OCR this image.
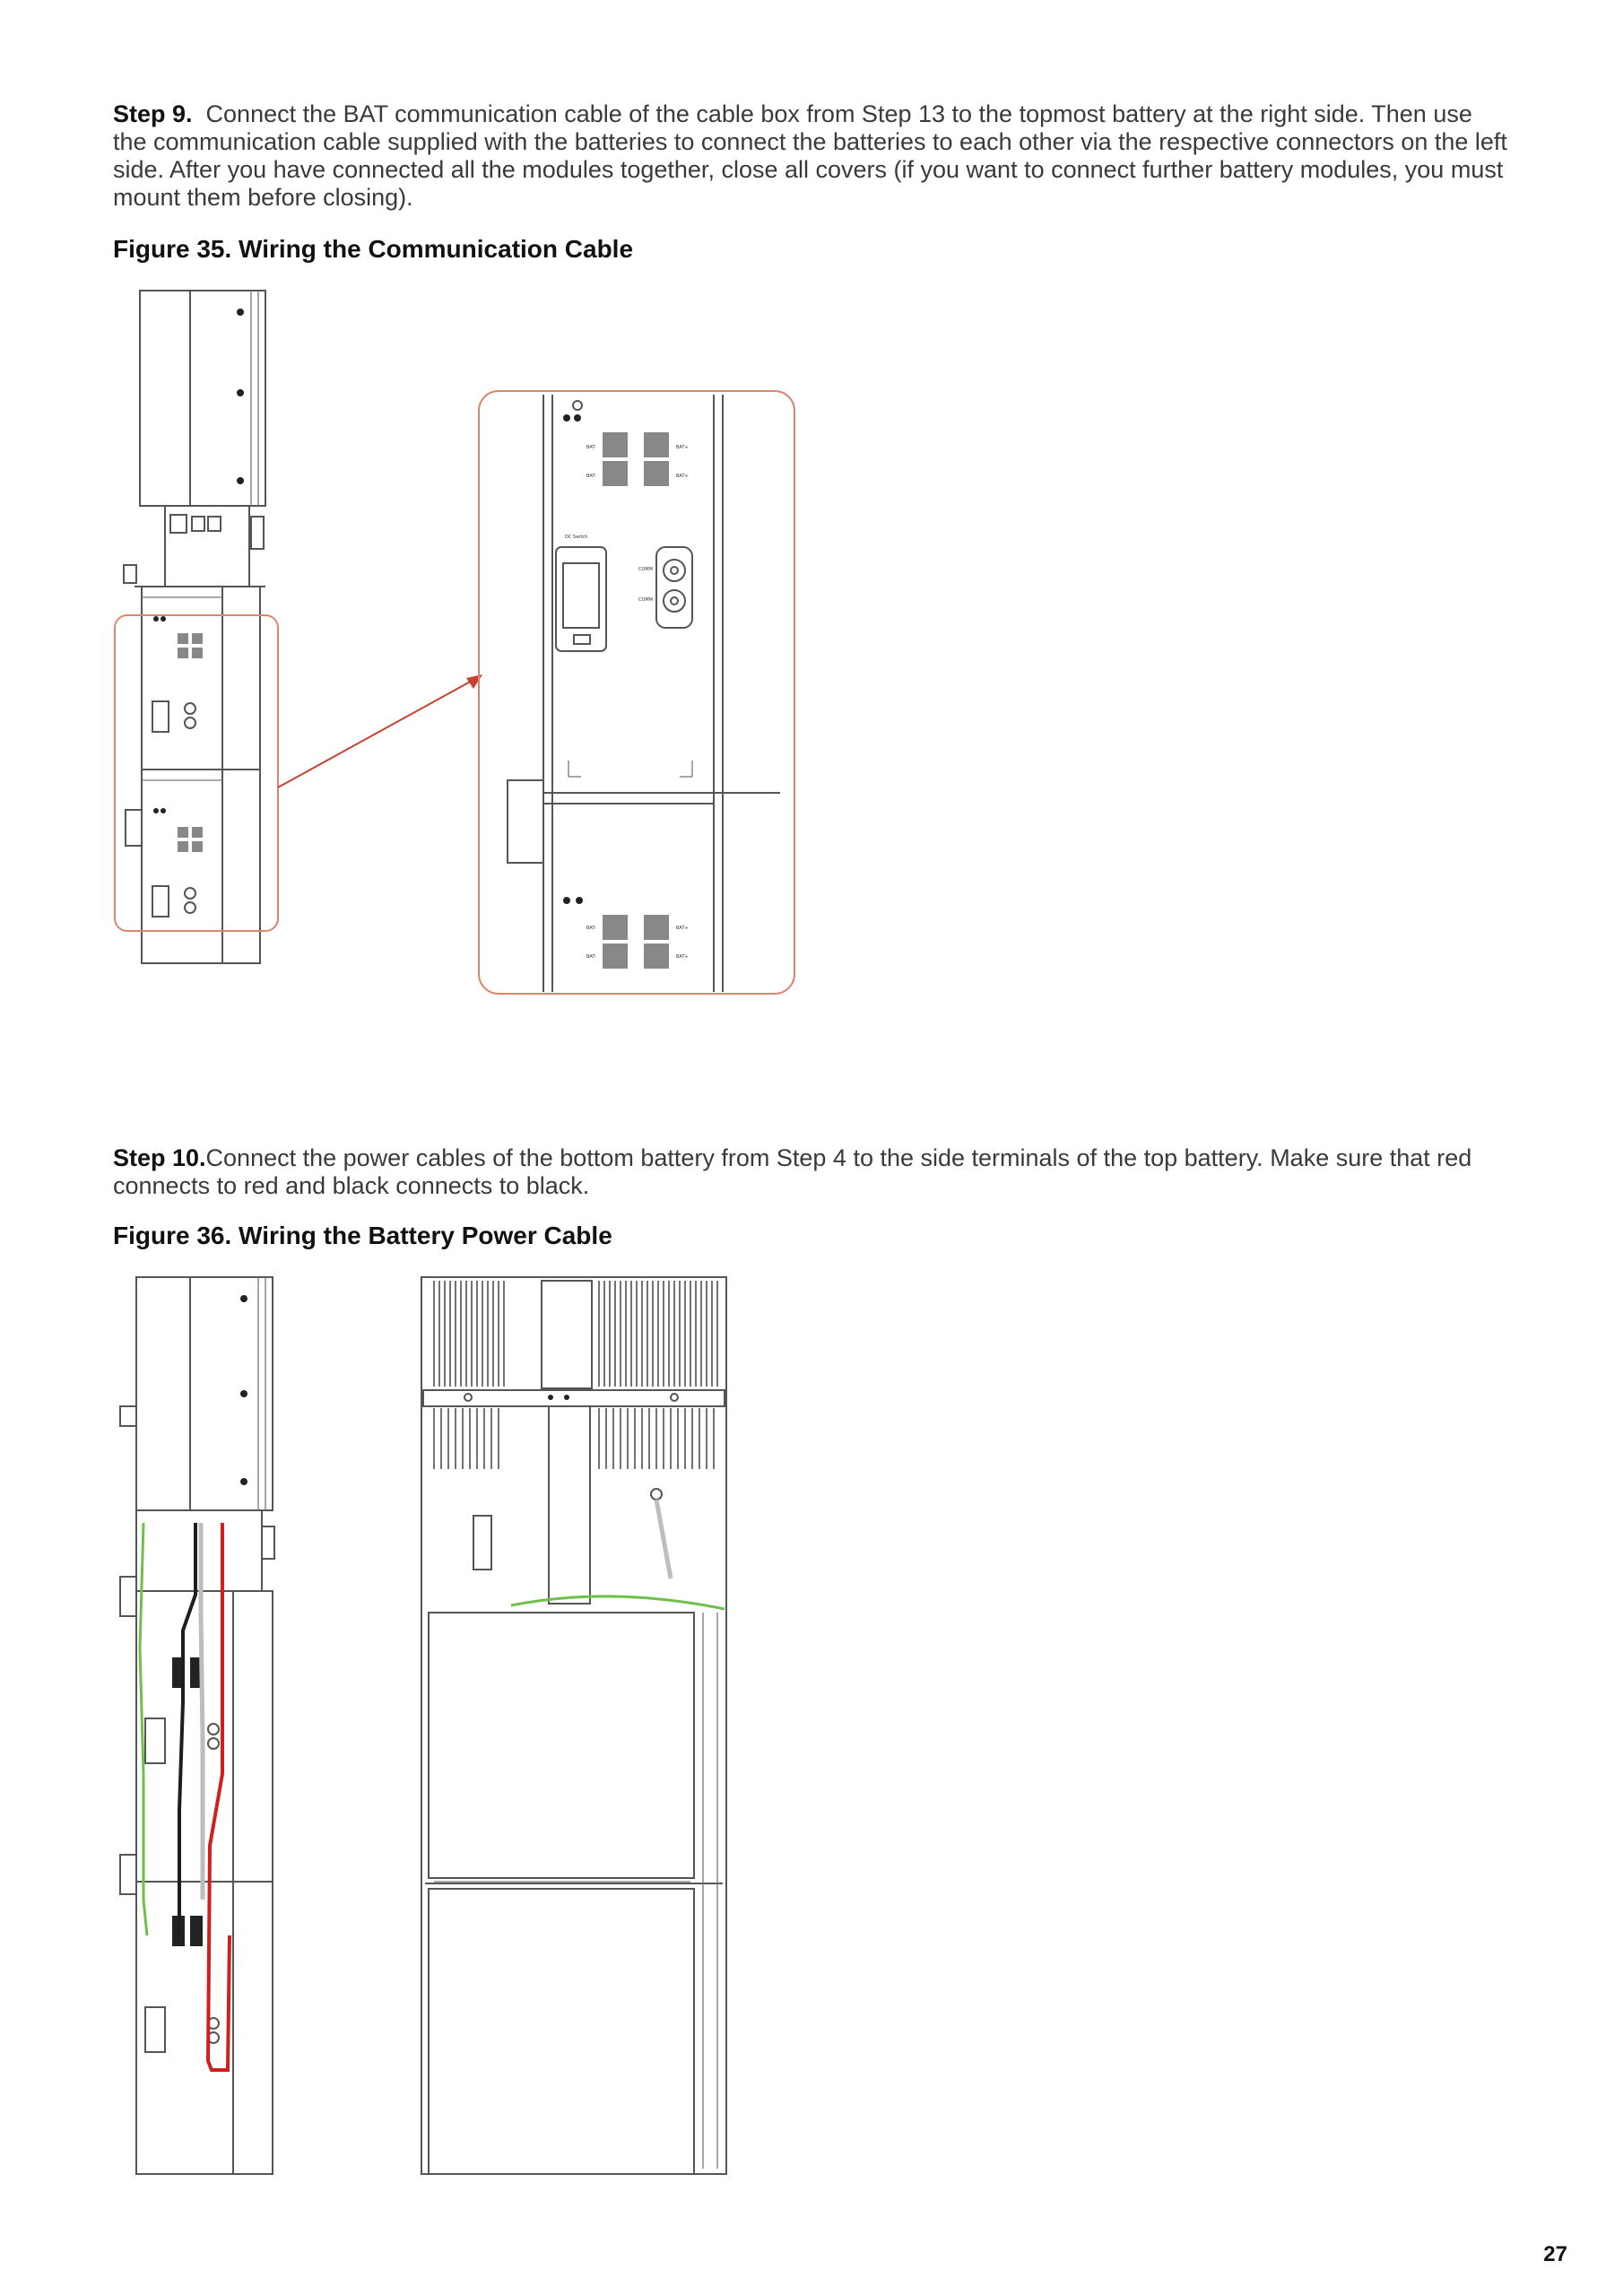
Step 9. Connect the BAT communication cable of the cable box from Step 13 to the topmost battery at the right side. Then use the communication cable supplied with the batteries to connect the batteries to each other via the respective connectors on the left side. After you have connected all the modules together, close all covers (if you want to connect further battery modules, you must mount them before closing).

Figure 35. Wiring the Communication Cable

BAT-	BAT+
BAT-	BAT+
DC Switch
COMM
COMM
BAT-	BAT+
BAT-	BAT+

Step 10.Connect the power cables of the bottom battery from Step 4 to the side terminals of the top battery. Make sure that red connects to red and black connects to black.

Figure 36. Wiring the Battery Power Cable

27
